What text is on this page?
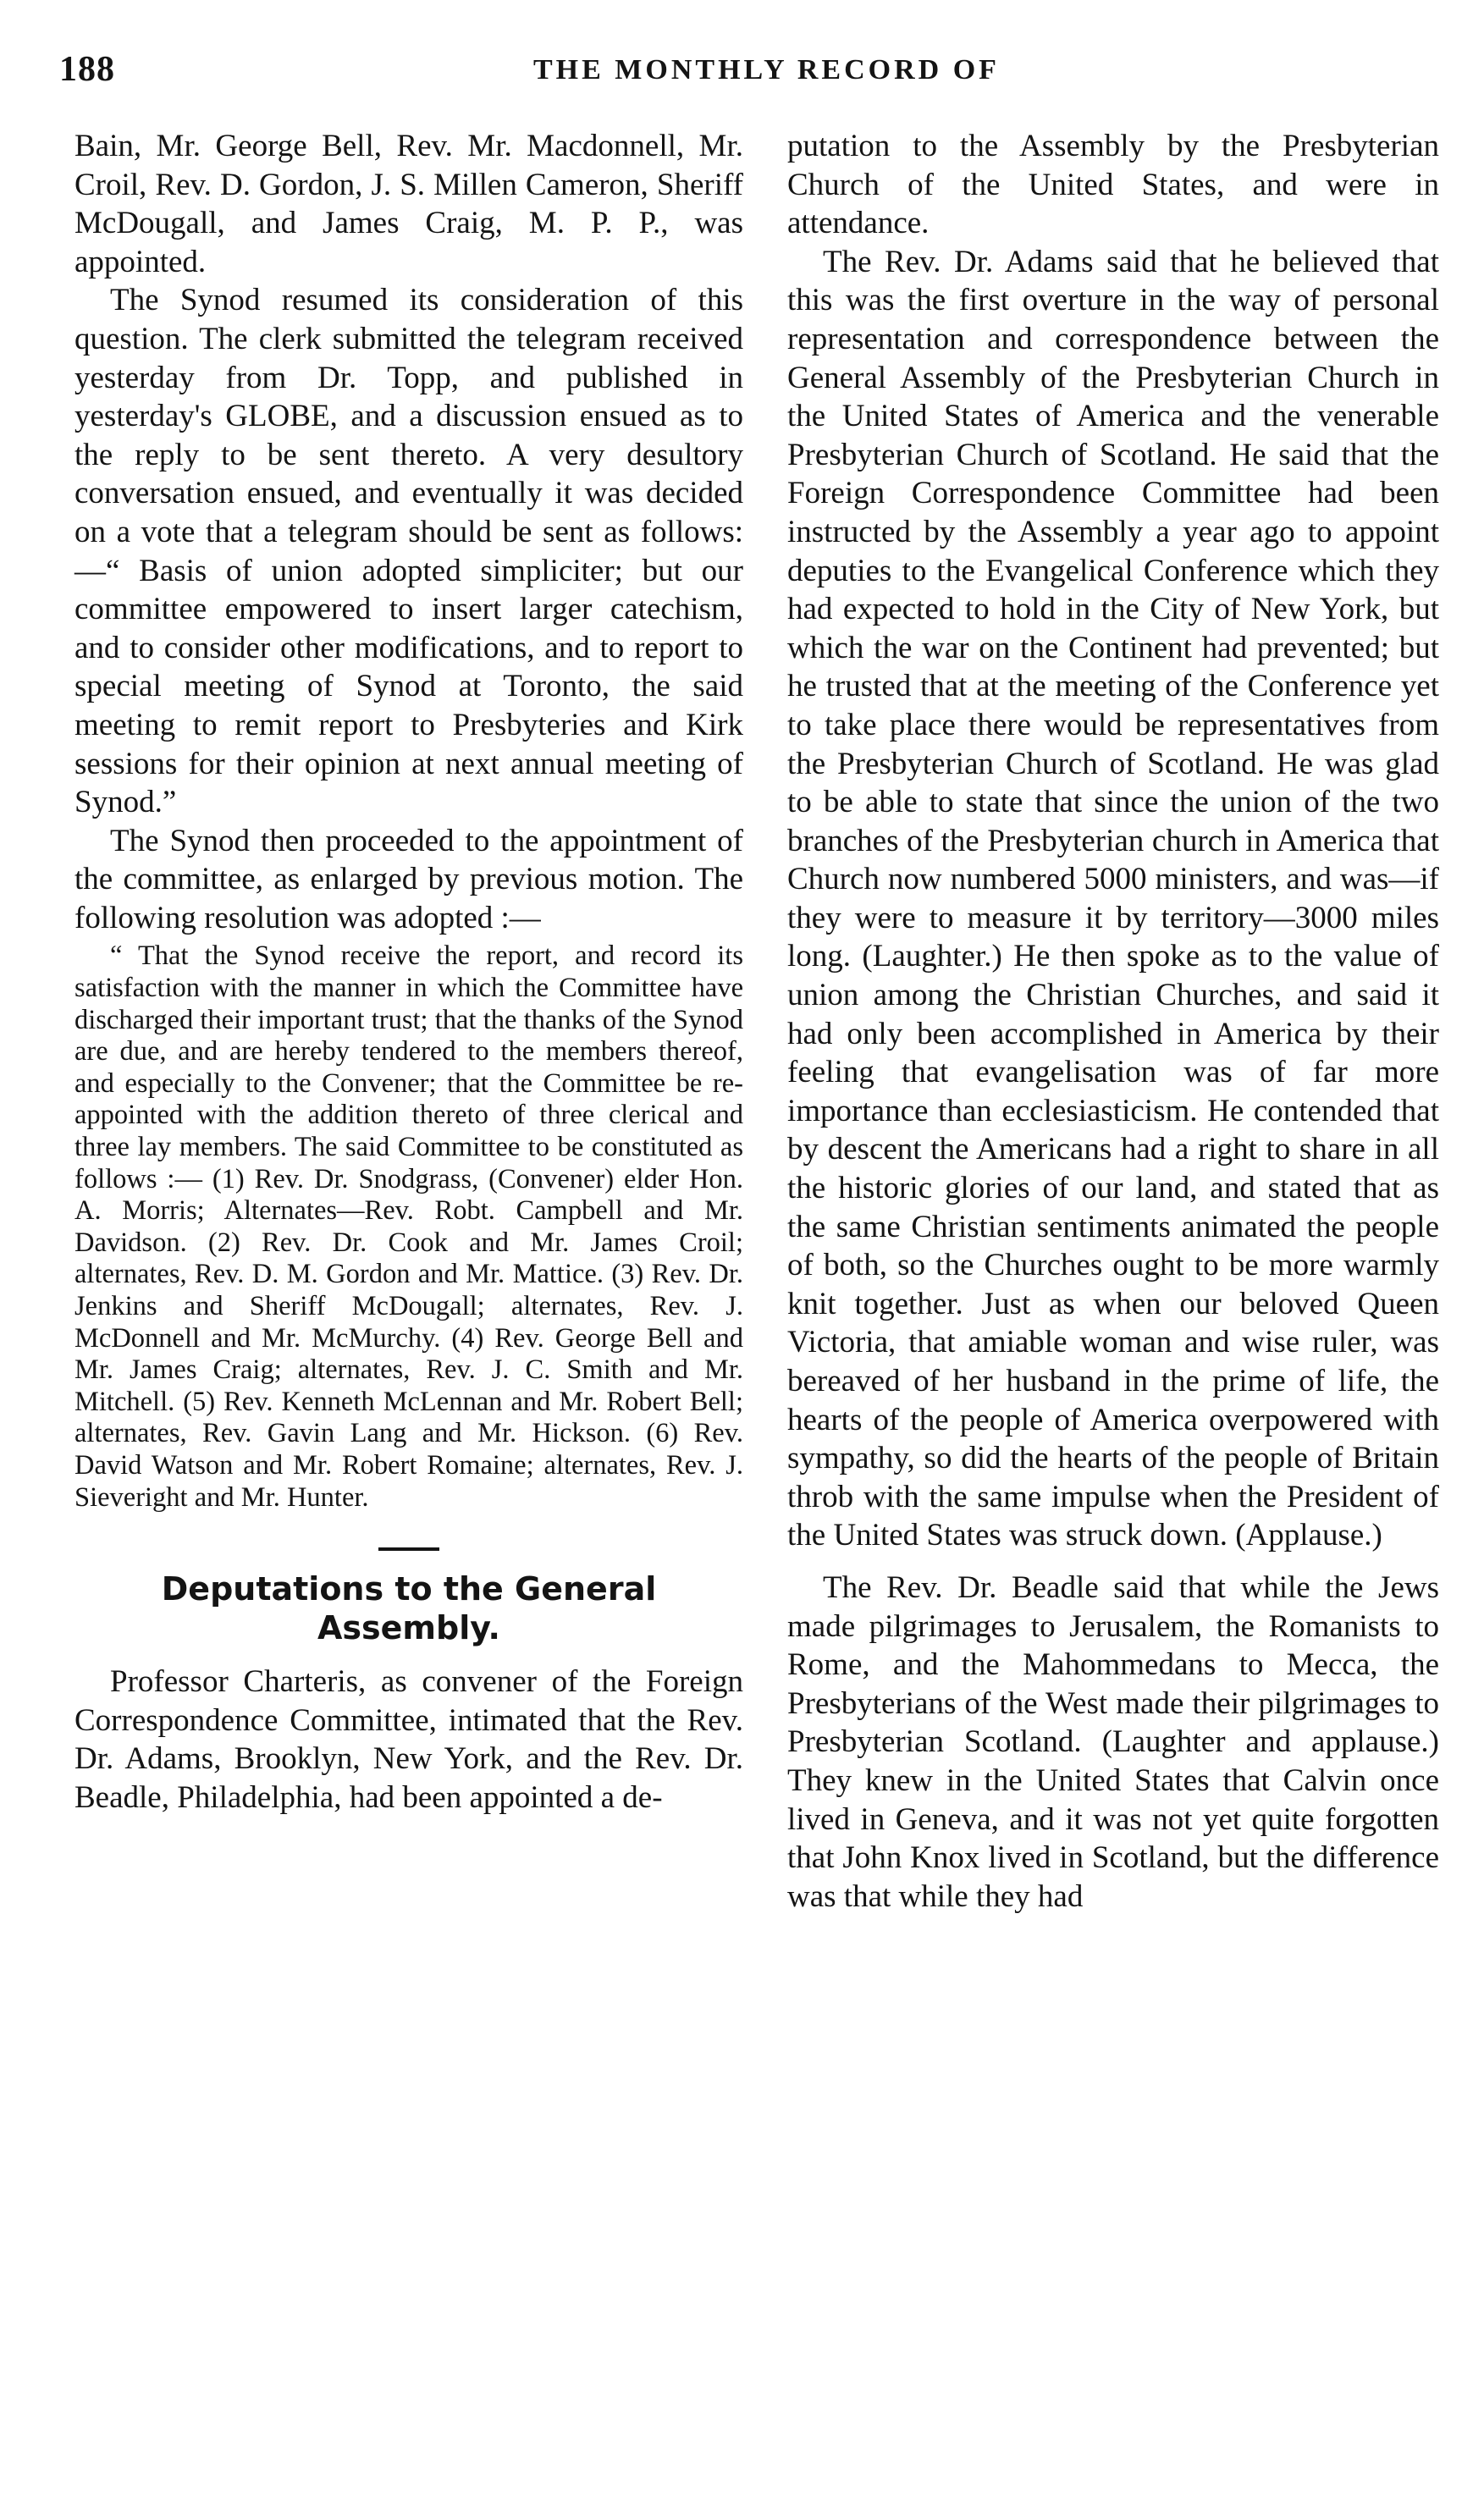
188	THE MONTHLY RECORD OF

Bain, Mr. George Bell, Rev. Mr. Macdonnell, Mr. Croil, Rev. D. Gordon, J. S. Millen Cameron, Sheriff McDougall, and James Craig, M. P. P., was appointed.

The Synod resumed its consideration of this question. The clerk submitted the telegram received yesterday from Dr. Topp, and published in yesterday's GLOBE, and a discussion ensued as to the reply to be sent thereto. A very desultory conversation ensued, and eventually it was decided on a vote that a telegram should be sent as follows:—“ Basis of union adopted simpliciter; but our committee empowered to insert larger catechism, and to consider other modifications, and to report to special meeting of Synod at Toronto, the said meeting to remit report to Presbyteries and Kirk sessions for their opinion at next annual meeting of Synod.”

The Synod then proceeded to the appointment of the committee, as enlarged by previous motion. The following resolution was adopted :—

“ That the Synod receive the report, and record its satisfaction with the manner in which the Committee have discharged their important trust; that the thanks of the Synod are due, and are hereby tendered to the members thereof, and especially to the Convener; that the Committee be re-appointed with the addition thereto of three clerical and three lay members. The said Committee to be constituted as follows :— (1) Rev. Dr. Snodgrass, (Convener) elder Hon. A. Morris; Alternates—Rev. Robt. Campbell and Mr. Davidson. (2) Rev. Dr. Cook and Mr. James Croil; alternates, Rev. D. M. Gordon and Mr. Mattice. (3) Rev. Dr. Jenkins and Sheriff McDougall; alternates, Rev. J. McDonnell and Mr. McMurchy. (4) Rev. George Bell and Mr. James Craig; alternates, Rev. J. C. Smith and Mr. Mitchell. (5) Rev. Kenneth McLennan and Mr. Robert Bell; alternates, Rev. Gavin Lang and Mr. Hickson. (6) Rev. David Watson and Mr. Robert Romaine; alternates, Rev. J. Sieveright and Mr. Hunter.

Deputations to the General Assembly.

Professor Charteris, as convener of the Foreign Correspondence Committee, intimated that the Rev. Dr. Adams, Brooklyn, New York, and the Rev. Dr. Beadle, Philadelphia, had been appointed a de-

putation to the Assembly by the Presbyterian Church of the United States, and were in attendance.

The Rev. Dr. Adams said that he believed that this was the first overture in the way of personal representation and correspondence between the General Assembly of the Presbyterian Church in the United States of America and the venerable Presbyterian Church of Scotland. He said that the Foreign Correspondence Committee had been instructed by the Assembly a year ago to appoint deputies to the Evangelical Conference which they had expected to hold in the City of New York, but which the war on the Continent had prevented; but he trusted that at the meeting of the Conference yet to take place there would be representatives from the Presbyterian Church of Scotland. He was glad to be able to state that since the union of the two branches of the Presbyterian church in America that Church now numbered 5000 ministers, and was—if they were to measure it by territory—3000 miles long. (Laughter.) He then spoke as to the value of union among the Christian Churches, and said it had only been accomplished in America by their feeling that evangelisation was of far more importance than ecclesiasticism. He contended that by descent the Americans had a right to share in all the historic glories of our land, and stated that as the same Christian sentiments animated the people of both, so the Churches ought to be more warmly knit together. Just as when our beloved Queen Victoria, that amiable woman and wise ruler, was bereaved of her husband in the prime of life, the hearts of the people of America overpowered with sympathy, so did the hearts of the people of Britain throb with the same impulse when the President of the United States was struck down. (Applause.)

The Rev. Dr. Beadle said that while the Jews made pilgrimages to Jerusalem, the Romanists to Rome, and the Mahommedans to Mecca, the Presbyterians of the West made their pilgrimages to Presbyterian Scotland. (Laughter and applause.) They knew in the United States that Calvin once lived in Geneva, and it was not yet quite forgotten that John Knox lived in Scotland, but the difference was that while they had
